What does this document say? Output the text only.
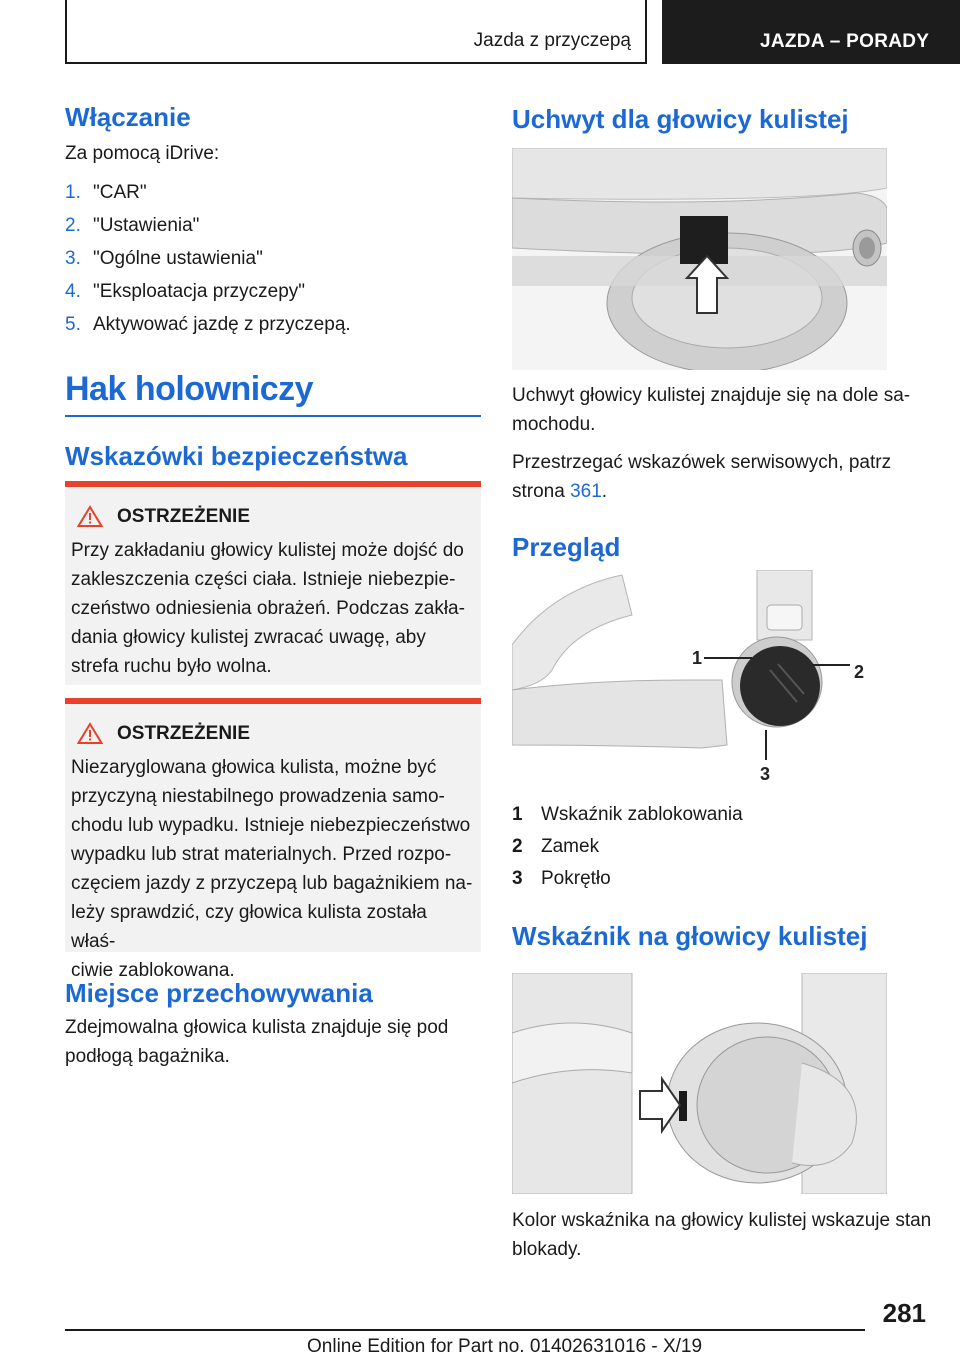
Jazda z przyczepą	JAZDA – PORADY
Włączanie

Za pomocą iDrive:

1. "CAR"
2. "Ustawienia"
3. "Ogólne ustawienia"
4. "Eksploatacja przyczepy"
5. Aktywować jazdę z przyczepą.
Hak holowniczy
Wskazówki bezpieczeństwa
OSTRZEŻENIE
Przy zakładaniu głowicy kulistej może dojść do
zakleszczenia części ciała. Istnieje niebezpie-
czeństwo odniesienia obrażeń. Podczas zakła-
dania głowicy kulistej zwracać uwagę, aby
strefa ruchu było wolna.
OSTRZEŻENIE
Niezaryglowana głowica kulista, możne być
przyczyną niestabilnego prowadzenia samo-
chodu lub wypadku. Istnieje niebezpieczeństwo
wypadku lub strat materialnych. Przed rozpo-
częciem jazdy z przyczepą lub bagażnikiem na-
leży sprawdzić, czy głowica kulista została właś-
ciwie zablokowana.
Miejsce przechowywania
Zdejmowalna głowica kulista znajduje się pod
podłogą bagażnika.
Uchwyt dla głowicy kulistej
Uchwyt głowicy kulistej znajduje się na dole sa-
mochodu.
Przestrzegać wskazówek serwisowych, patrz
strona 361.
Przegląd
1
2
3
1 Wskaźnik zablokowania
2 Zamek
3 Pokrętło
Wskaźnik na głowicy kulistej
Kolor wskaźnika na głowicy kulistej wskazuje stan
blokady.
281
Online Edition for Part no. 01402631016 - X/19
